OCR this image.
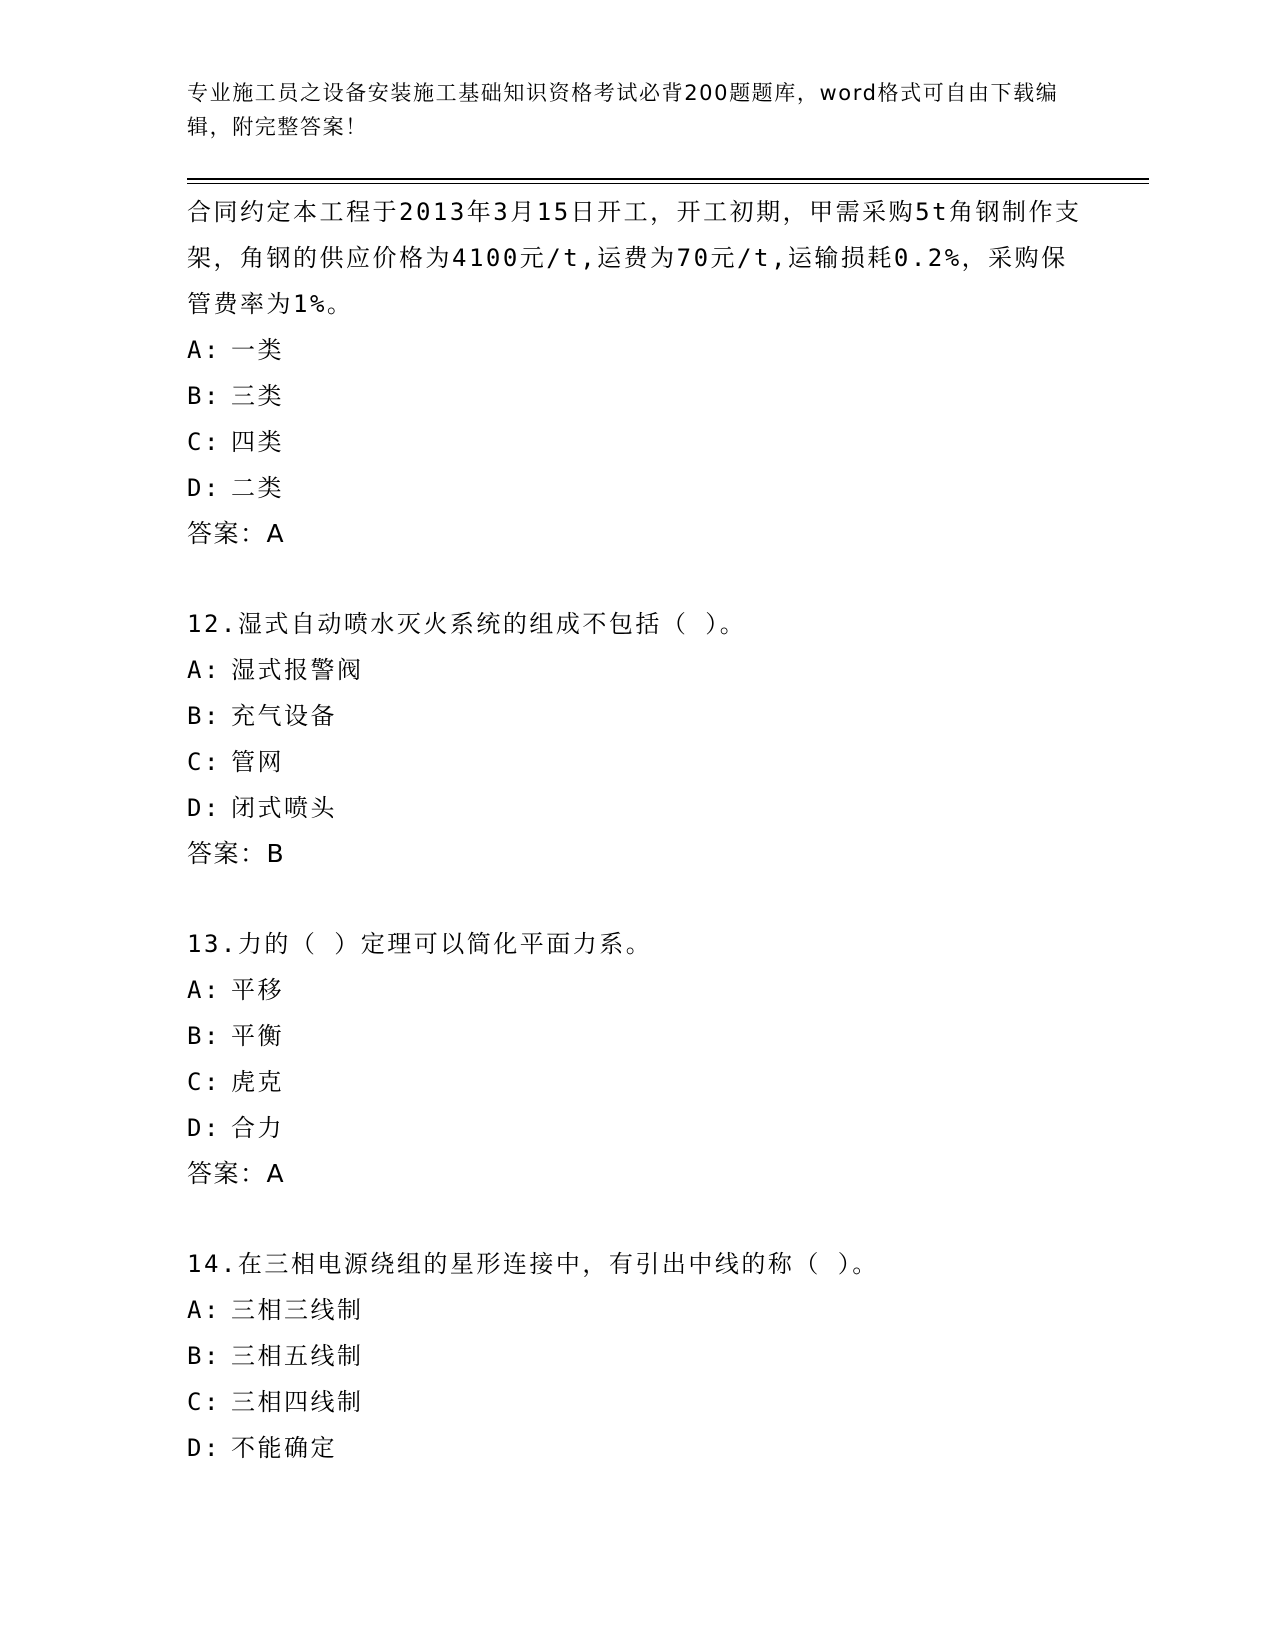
专业施工员之设备安装施工基础知识资格考试必背200题题库，word格式可自由下载编辑，附完整答案！
合同约定本工程于2013年3月15日开工，开工初期，甲需采购5t角钢制作支架，角钢的供应价格为4100元/t,运费为70元/t,运输损耗0.2%，采购保管费率为1%。
A: 一类
B: 三类
C: 四类
D: 二类
答案：A
12.湿式自动喷水灭火系统的组成不包括（ ）。
A: 湿式报警阀
B: 充气设备
C: 管网
D: 闭式喷头
答案：B
13.力的（ ）定理可以简化平面力系。
A: 平移
B: 平衡
C: 虎克
D: 合力
答案：A
14.在三相电源绕组的星形连接中，有引出中线的称（ ）。
A: 三相三线制
B: 三相五线制
C: 三相四线制
D: 不能确定
